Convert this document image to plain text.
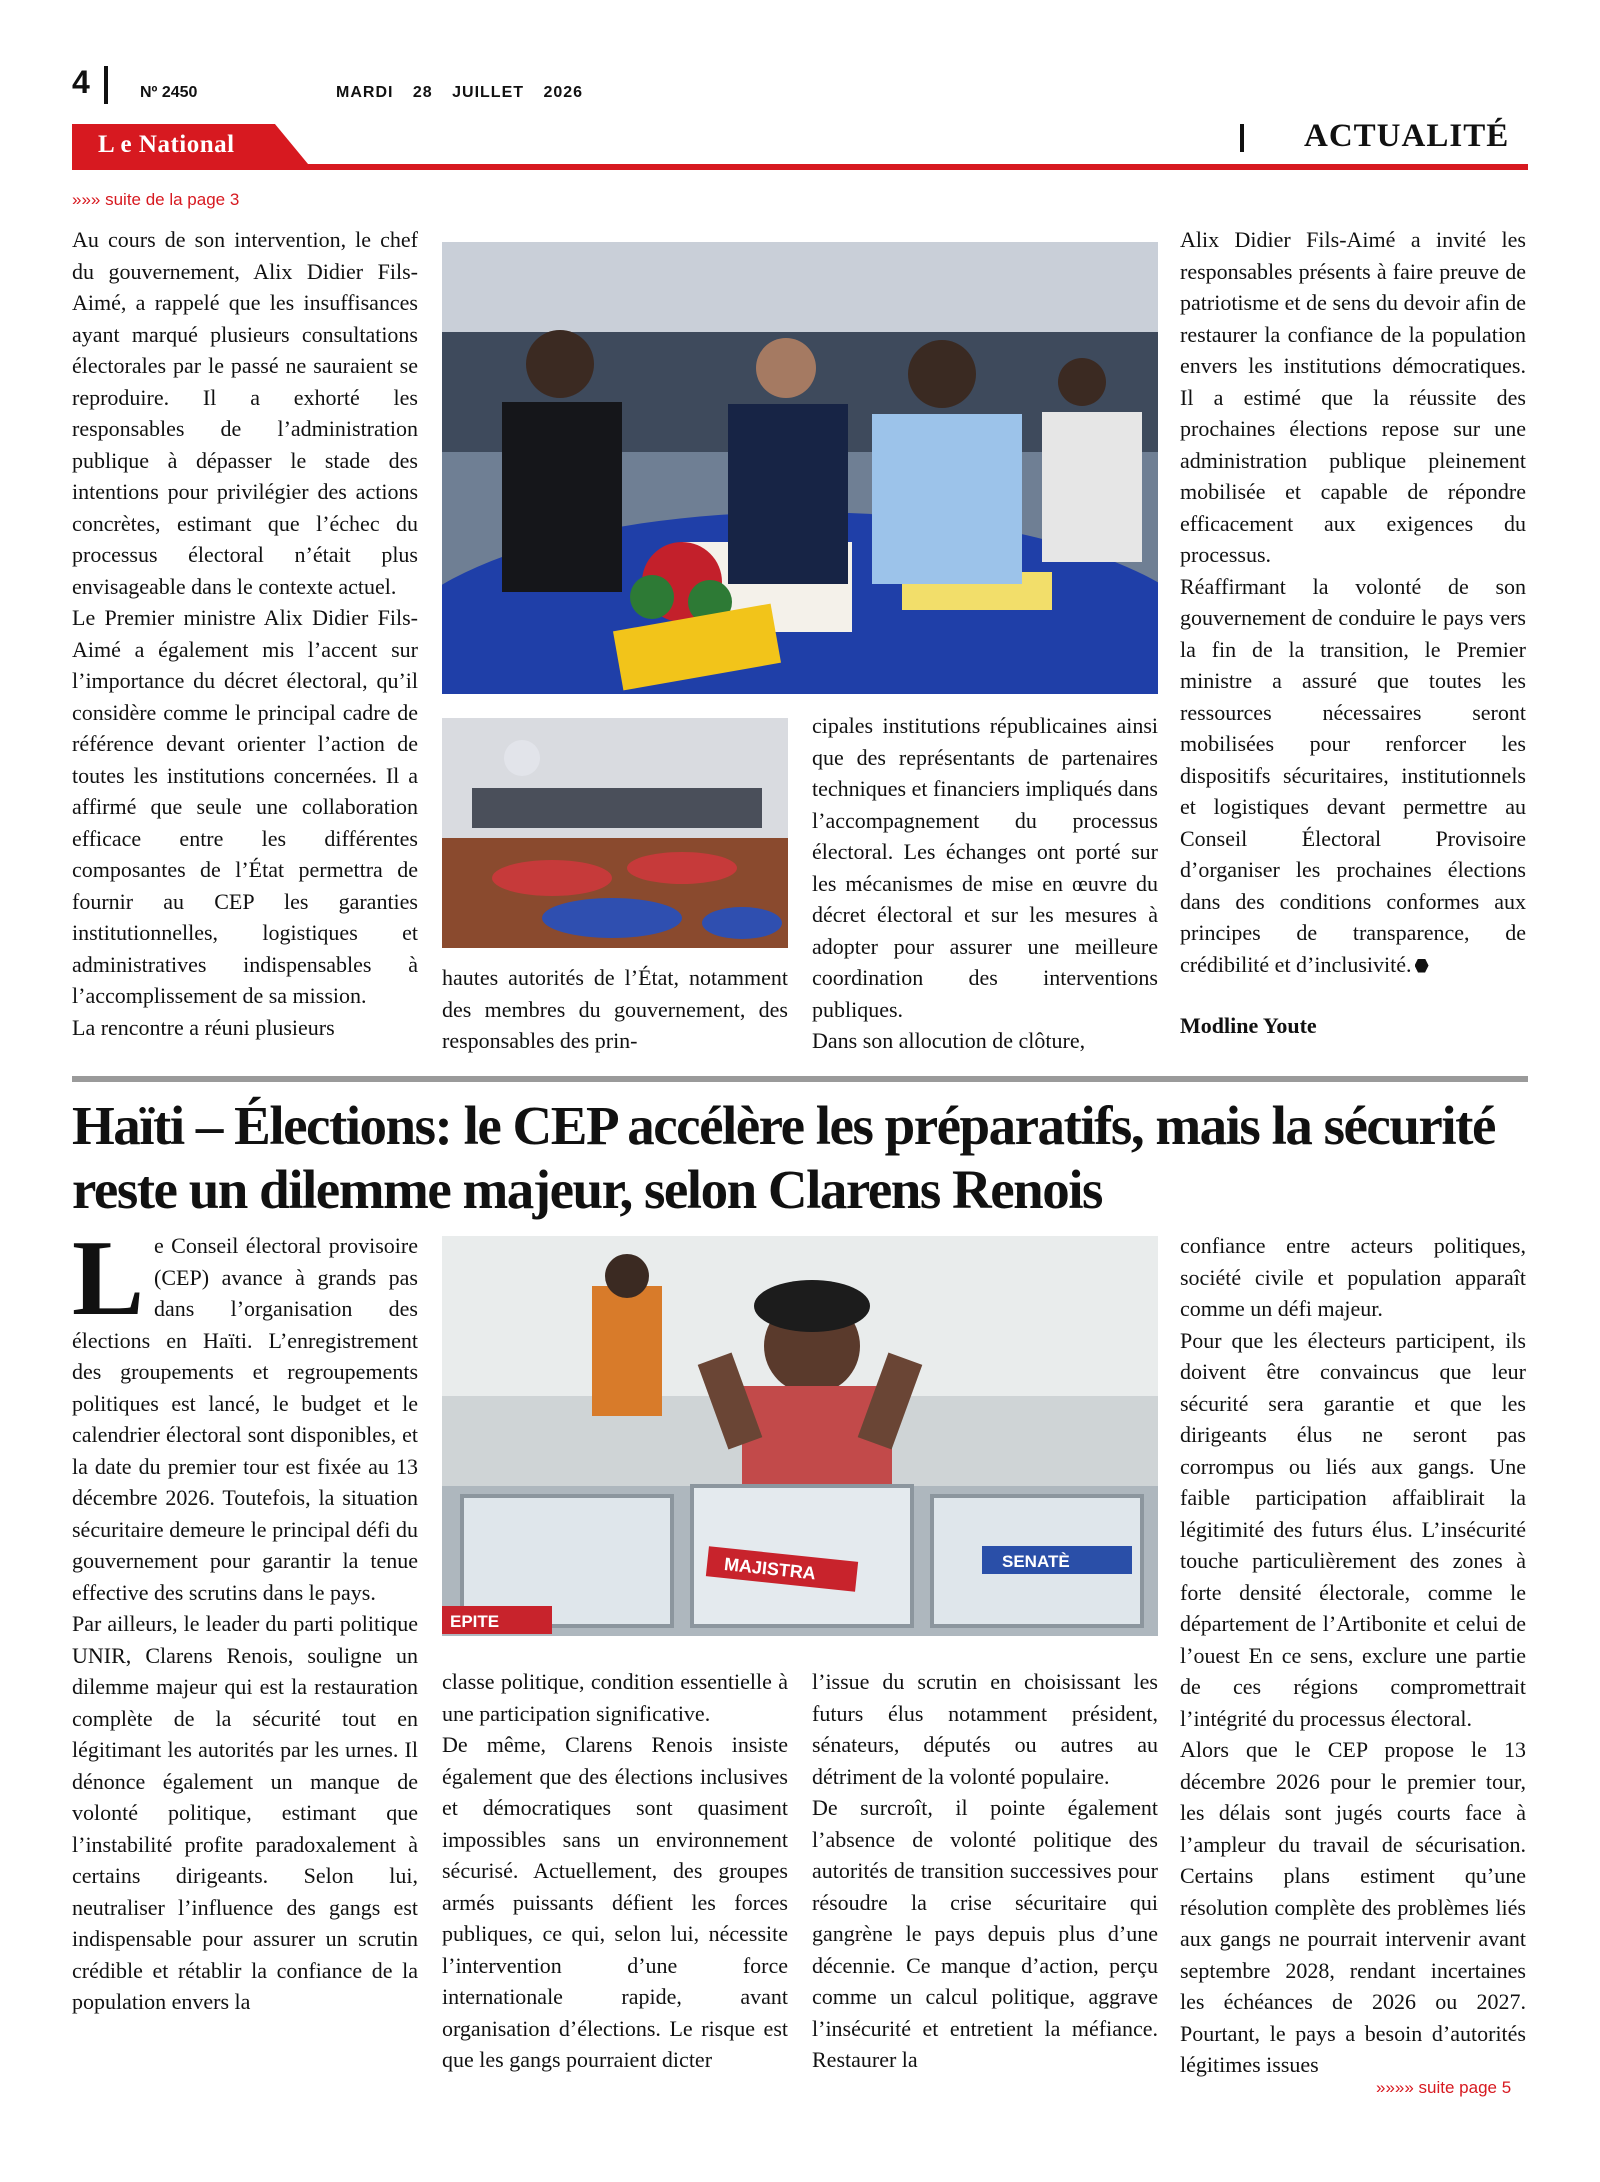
4	Nº 2450	MARDI 28 JUILLET 2026
L e National	ACTUALITÉ
»»» suite de la page 3

Au cours de son intervention, le chef du gouvernement, Alix Didier Fils-Aimé, a rappelé que les insuffisances ayant marqué plusieurs consultations électorales par le passé ne sauraient se reproduire. Il a exhorté les responsables de l’administration publique à dépasser le stade des intentions pour privilégier des actions concrètes, estimant que l’échec du processus électoral n’était plus envisageable dans le contexte actuel.

Le Premier ministre Alix Didier Fils-Aimé a également mis l’accent sur l’importance du décret électoral, qu’il considère comme le principal cadre de référence devant orienter l’action de toutes les institutions concernées. Il a affirmé que seule une collaboration efficace entre les différentes composantes de l’État permettra de fournir au CEP les garanties institutionnelles, logistiques et administratives indispensables à l’accomplissement de sa mission.

La rencontre a réuni plusieurs

hautes autorités de l’État, notamment des membres du gouvernement, des responsables des prin-

cipales institutions républicaines ainsi que des représentants de partenaires techniques et financiers impliqués dans l’accompagnement du processus électoral. Les échanges ont porté sur les mécanismes de mise en œuvre du décret électoral et sur les mesures à adopter pour assurer une meilleure coordination des interventions publiques.

Dans son allocution de clôture,

Alix Didier Fils-Aimé a invité les responsables présents à faire preuve de patriotisme et de sens du devoir afin de restaurer la confiance de la population envers les institutions démocratiques. Il a estimé que la réussite des prochaines élections repose sur une administration publique pleinement mobilisée et capable de répondre efficacement aux exigences du processus.

Réaffirmant la volonté de son gouvernement de conduire le pays vers la fin de la transition, le Premier ministre a assuré que toutes les ressources nécessaires seront mobilisées pour renforcer les dispositifs sécuritaires, institutionnels et logistiques devant permettre au Conseil Électoral Provisoire d’organiser les prochaines élections dans des conditions conformes aux principes de transparence, de crédibilité et d’inclusivité.

Modline Youte
Haïti – Élections: le CEP accélère les préparatifs, mais la sécurité reste un dilemme majeur, selon Clarens Renois

Le Conseil électoral provisoire (CEP) avance à grands pas dans l’organisation des élections en Haïti. L’enregistrement des groupements et regroupements politiques est lancé, le budget et le calendrier électoral sont disponibles, et la date du premier tour est fixée au 13 décembre 2026. Toutefois, la situation sécuritaire demeure le principal défi du gouvernement pour garantir la tenue effective des scrutins dans le pays.

Par ailleurs, le leader du parti politique UNIR, Clarens Renois, souligne un dilemme majeur qui est la restauration complète de la sécurité tout en légitimant les autorités par les urnes. Il dénonce également un manque de volonté politique, estimant que l’instabilité profite paradoxalement à certains dirigeants. Selon lui, neutraliser l’influence des gangs est indispensable pour assurer un scrutin crédible et rétablir la confiance de la population envers la

MAJISTRA	SENATÈ
EPITE

classe politique, condition essentielle à une participation significative.

De même, Clarens Renois insiste également que des élections inclusives et démocratiques sont quasiment impossibles sans un environnement sécurisé. Actuellement, des groupes armés puissants défient les forces publiques, ce qui, selon lui, nécessite l’intervention d’une force internationale rapide, avant organisation d’élections. Le risque est que les gangs pourraient dicter

l’issue du scrutin en choisissant les futurs élus notamment président, sénateurs, députés ou autres au détriment de la volonté populaire.

De surcroît, il pointe également l’absence de volonté politique des autorités de transition successives pour résoudre la crise sécuritaire qui gangrène le pays depuis plus d’une décennie. Ce manque d’action, perçu comme un calcul politique, aggrave l’insécurité et entretient la méfiance. Restaurer la

confiance entre acteurs politiques, société civile et population apparaît comme un défi majeur.

Pour que les électeurs participent, ils doivent être convaincus que leur sécurité sera garantie et que les dirigeants élus ne seront pas corrompus ou liés aux gangs. Une faible participation affaiblirait la légitimité des futurs élus. L’insécurité touche particulièrement des zones à forte densité électorale, comme le département de l’Artibonite et celui de l’ouest En ce sens, exclure une partie de ces régions compromettrait l’intégrité du processus électoral.

Alors que le CEP propose le 13 décembre 2026 pour le premier tour, les délais sont jugés courts face à l’ampleur du travail de sécurisation. Certains plans estiment qu’une résolution complète des problèmes liés aux gangs ne pourrait intervenir avant septembre 2028, rendant incertaines les échéances de 2026 ou 2027. Pourtant, le pays a besoin d’autorités légitimes issues

»»»» suite page 5
